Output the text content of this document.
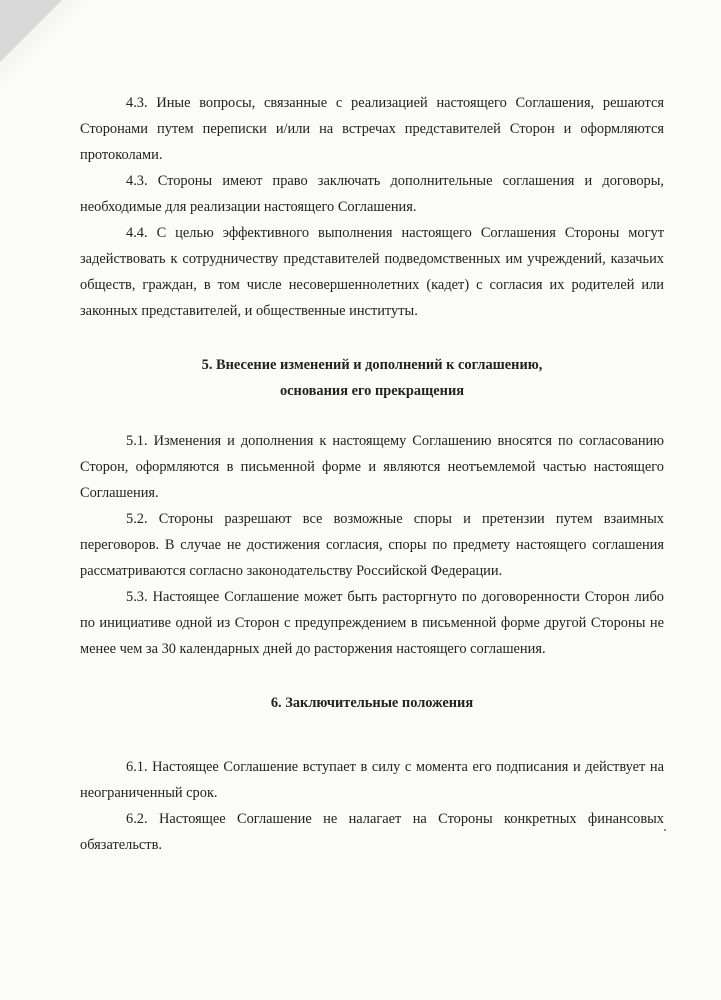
4.3. Иные вопросы, связанные с реализацией настоящего Соглашения, решаются Сторонами путем переписки и/или на встречах представителей Сторон и оформляются протоколами.

4.3. Стороны имеют право заключать дополнительные соглашения и договоры, необходимые для реализации настоящего Соглашения.

4.4. С целью эффективного выполнения настоящего Соглашения Стороны могут задействовать к сотрудничеству представителей подведомственных им учреждений, казачьих обществ, граждан, в том числе несовершеннолетних (кадет) с согласия их родителей или законных представителей, и общественные институты.

5. Внесение изменений и дополнений к соглашению,
основания его прекращения

5.1. Изменения и дополнения к настоящему Соглашению вносятся по согласованию Сторон, оформляются в письменной форме и являются неотъемлемой частью настоящего Соглашения.

5.2. Стороны разрешают все возможные споры и претензии путем взаимных переговоров. В случае не достижения согласия, споры по предмету настоящего соглашения рассматриваются согласно законодательству Российской Федерации.

5.3. Настоящее Соглашение может быть расторгнуто по договоренности Сторон либо по инициативе одной из Сторон с предупреждением в письменной форме другой Стороны не менее чем за 30 календарных дней до расторжения настоящего соглашения.

6. Заключительные положения

6.1. Настоящее Соглашение вступает в силу с момента его подписания и действует на неограниченный срок.

6.2. Настоящее Соглашение не налагает на Стороны конкретных финансовых обязательств.
